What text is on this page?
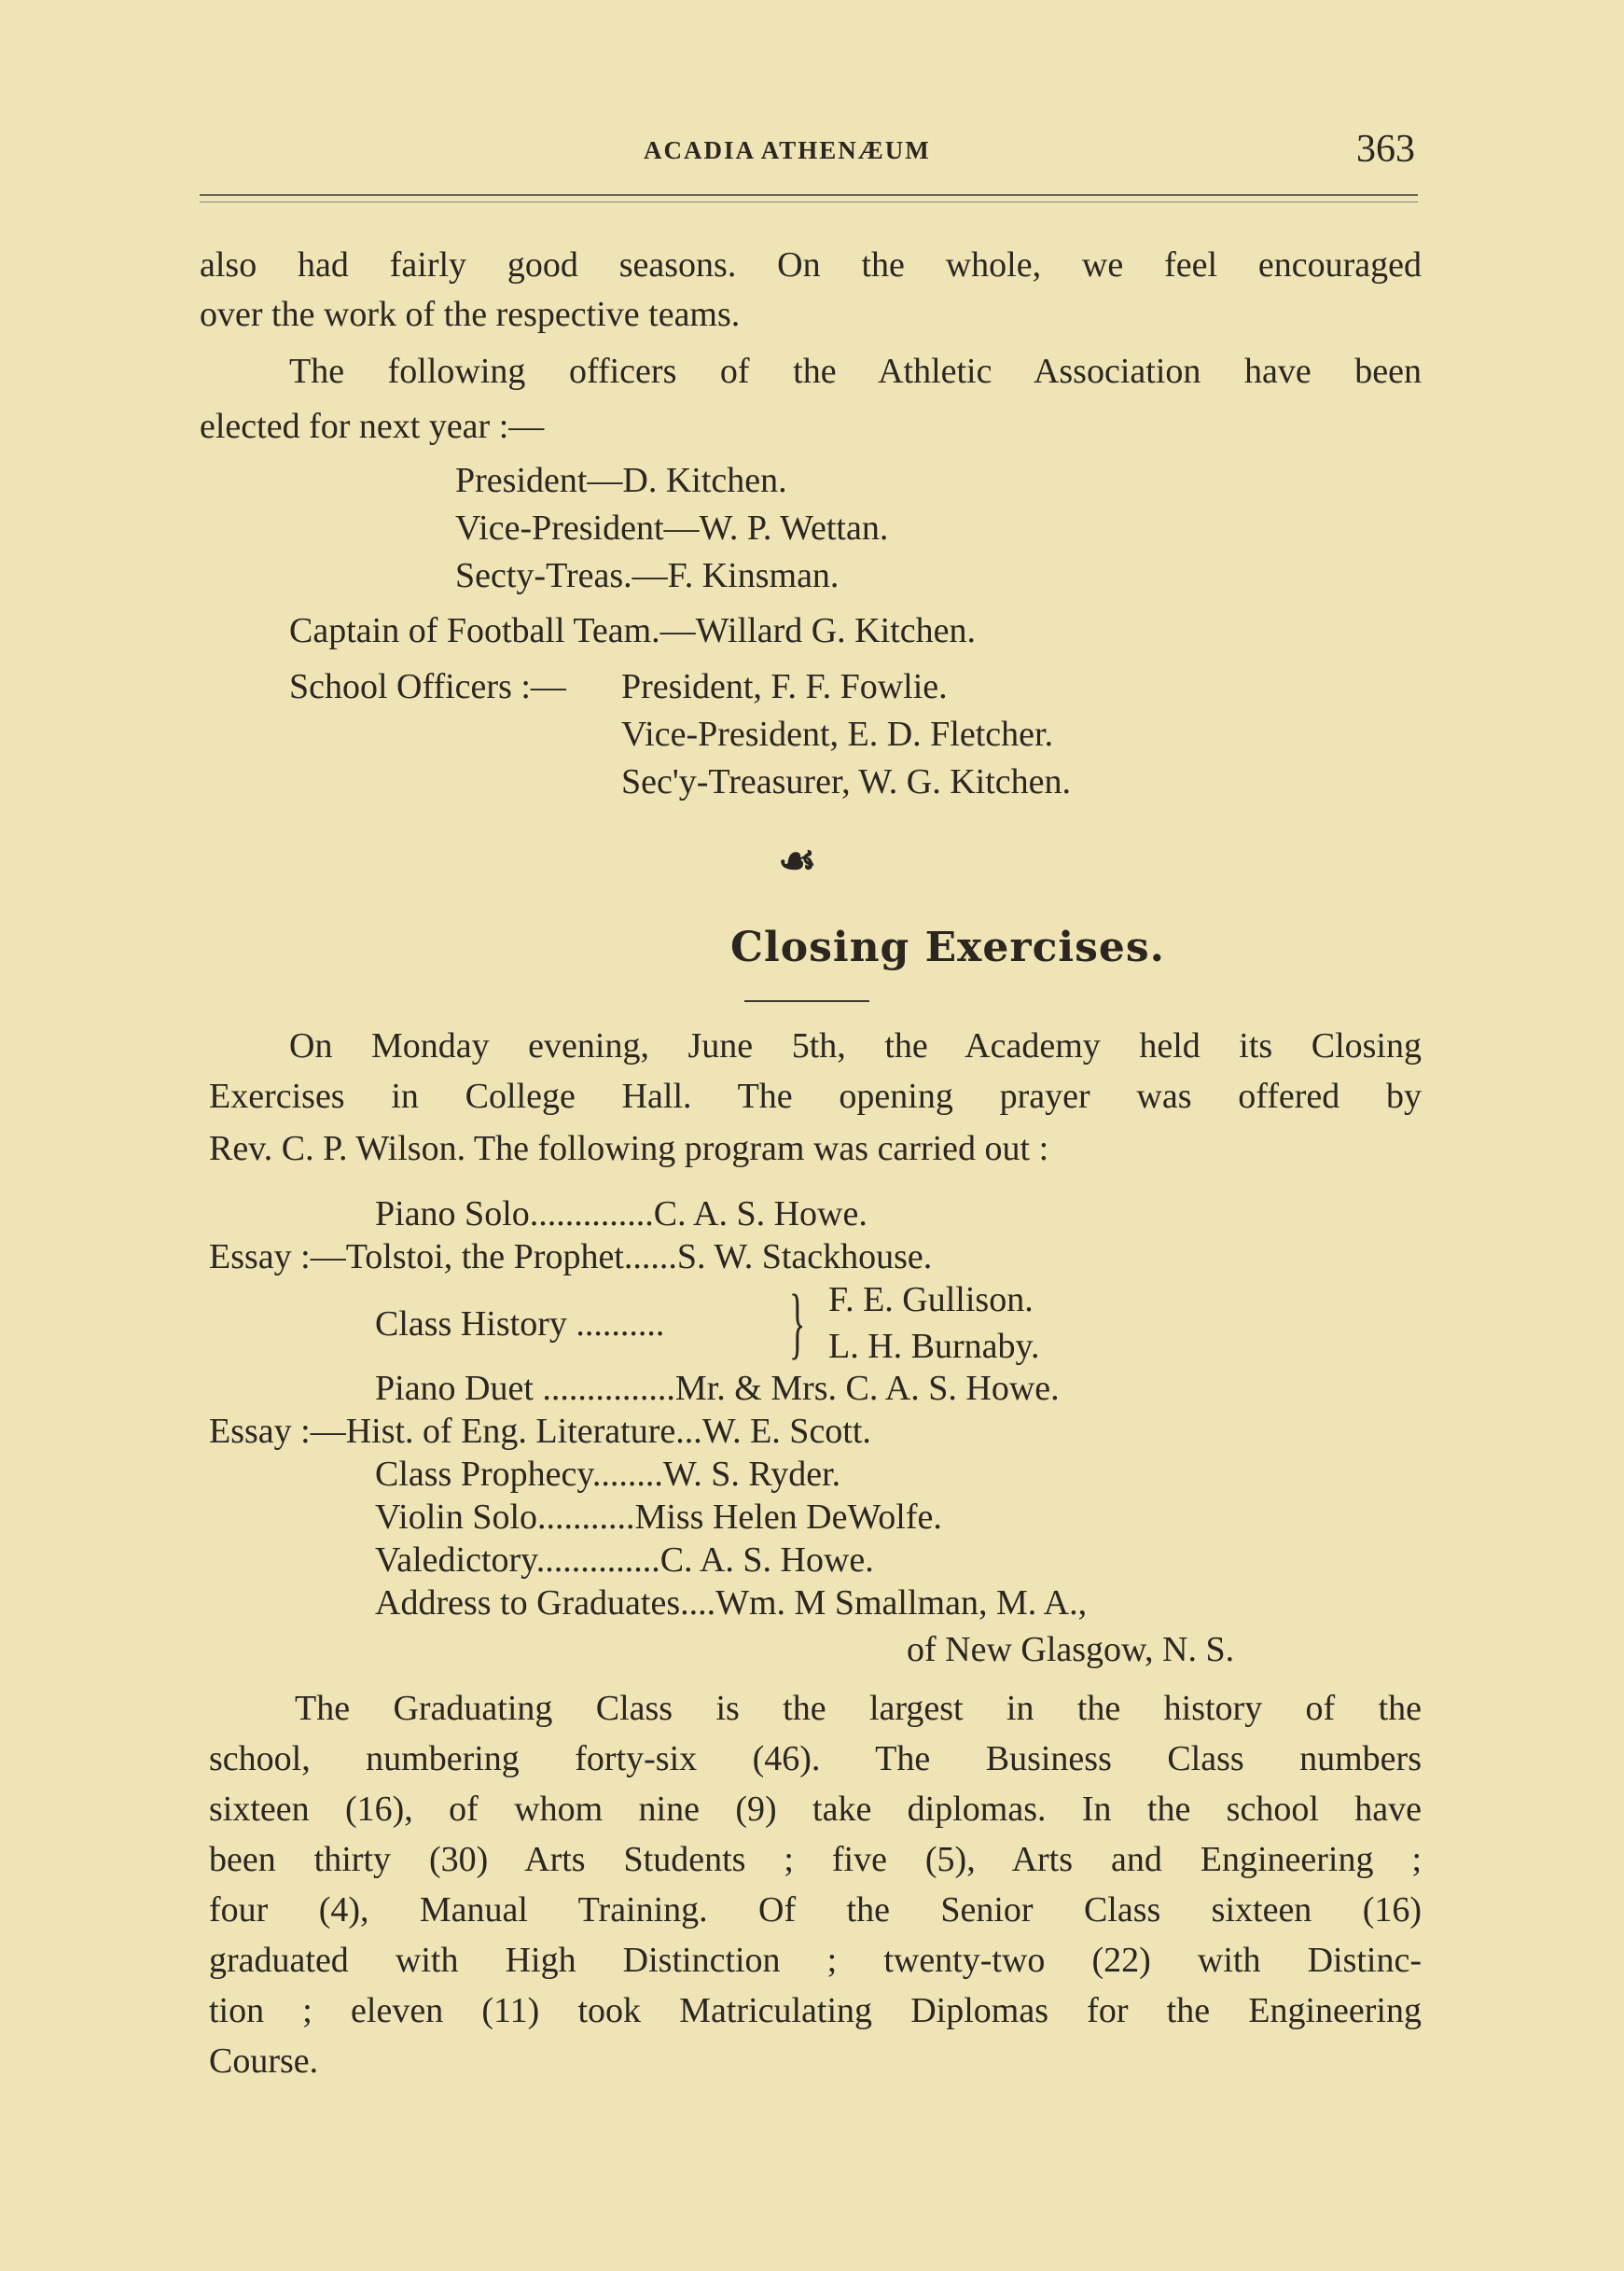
ACADIA ATHENÆUM	363
also had fairly good seasons. On the whole, we feel encouraged
over the work of the respective teams.
The following officers of the Athletic Association have been
elected for next year :—
President—D. Kitchen.
Vice-President—W. P. Wettan.
Secty-Treas.—F. Kinsman.
Captain of Football Team.—Willard G. Kitchen.
School Officers :— President, F. F. Fowlie.
Vice-President, E. D. Fletcher.
Sec'y-Treasurer, W. G. Kitchen.
☙
Closing Exercises.
On Monday evening, June 5th, the Academy held its Closing
Exercises in College Hall. The opening prayer was offered by
Rev. C. P. Wilson. The following program was carried out :
Piano Solo..............C. A. S. Howe.
Essay :—Tolstoi, the Prophet......S. W. Stackhouse.
F. E. Gullison.
Class History .......... } L. H. Burnaby.
Piano Duet ...............Mr. & Mrs. C. A. S. Howe.
Essay :—Hist. of Eng. Literature...W. E. Scott.
Class Prophecy........W. S. Ryder.
Violin Solo...........Miss Helen DeWolfe.
Valedictory..............C. A. S. Howe.
Address to Graduates....Wm. M Smallman, M. A.,
of New Glasgow, N. S.
The Graduating Class is the largest in the history of the
school, numbering forty-six (46). The Business Class numbers
sixteen (16), of whom nine (9) take diplomas. In the school have
been thirty (30) Arts Students ; five (5), Arts and Engineering ;
four (4), Manual Training. Of the Senior Class sixteen (16)
graduated with High Distinction ; twenty-two (22) with Distinc-
tion ; eleven (11) took Matriculating Diplomas for the Engineering
Course.
